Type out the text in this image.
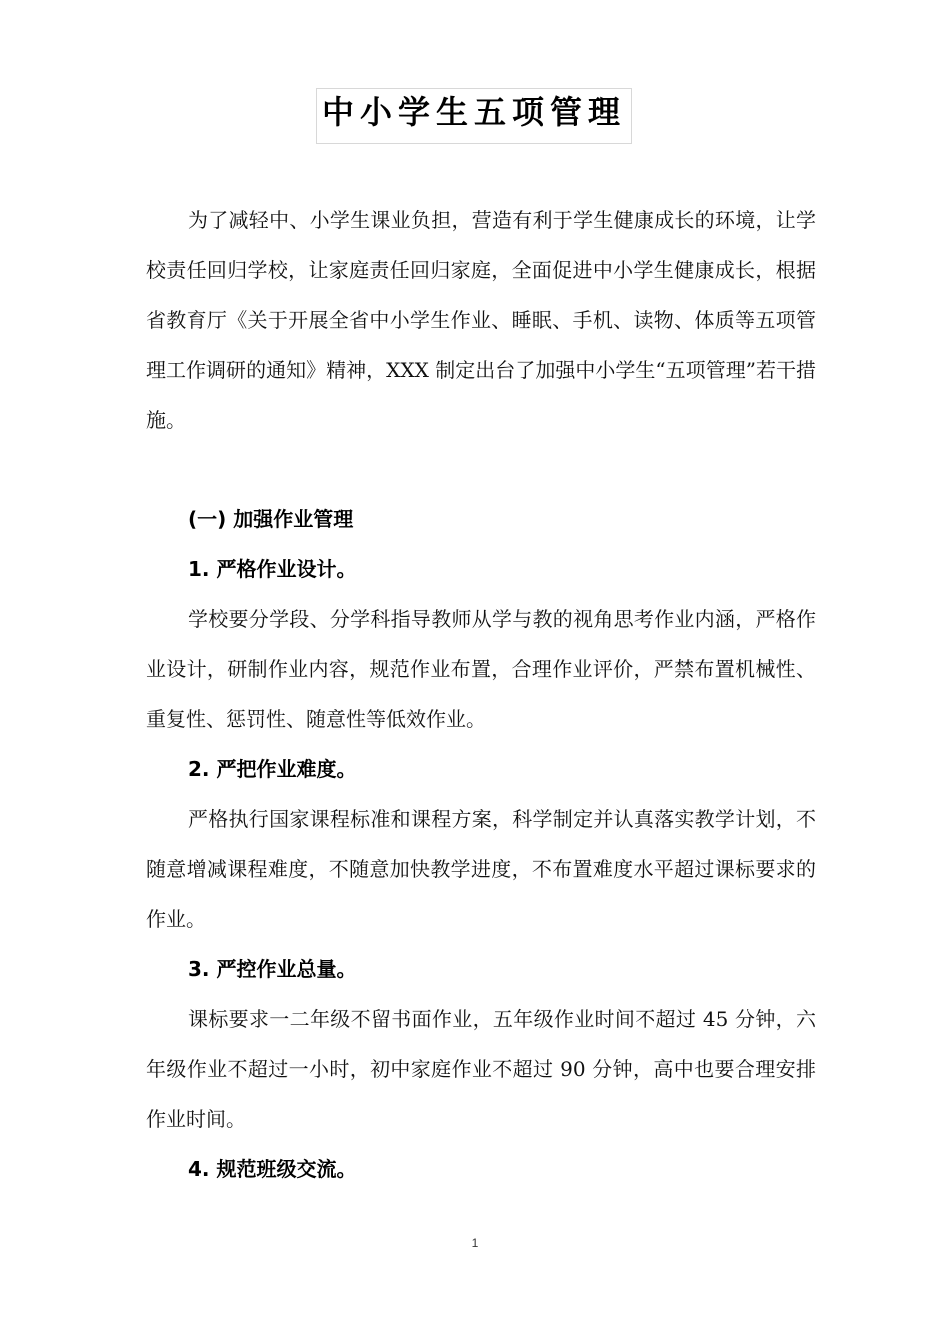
中小学生五项管理

为了减轻中、小学生课业负担，营造有利于学生健康成长的环境，让学校责任回归学校，让家庭责任回归家庭，全面促进中小学生健康成长，根据省教育厅《关于开展全省中小学生作业、睡眠、手机、读物、体质等五项管理工作调研的通知》精神，XXX 制定出台了加强中小学生“五项管理”若干措施。

(一) 加强作业管理
1. 严格作业设计。

学校要分学段、分学科指导教师从学与教的视角思考作业内涵，严格作业设计，研制作业内容，规范作业布置，合理作业评价，严禁布置机械性、重复性、惩罚性、随意性等低效作业。

2. 严把作业难度。

严格执行国家课程标准和课程方案，科学制定并认真落实教学计划，不随意增减课程难度，不随意加快教学进度，不布置难度水平超过课标要求的作业。

3. 严控作业总量。

课标要求一二年级不留书面作业，五年级作业时间不超过 45 分钟，六年级作业不超过一小时，初中家庭作业不超过 90 分钟，高中也要合理安排作业时间。

4. 规范班级交流。
1
